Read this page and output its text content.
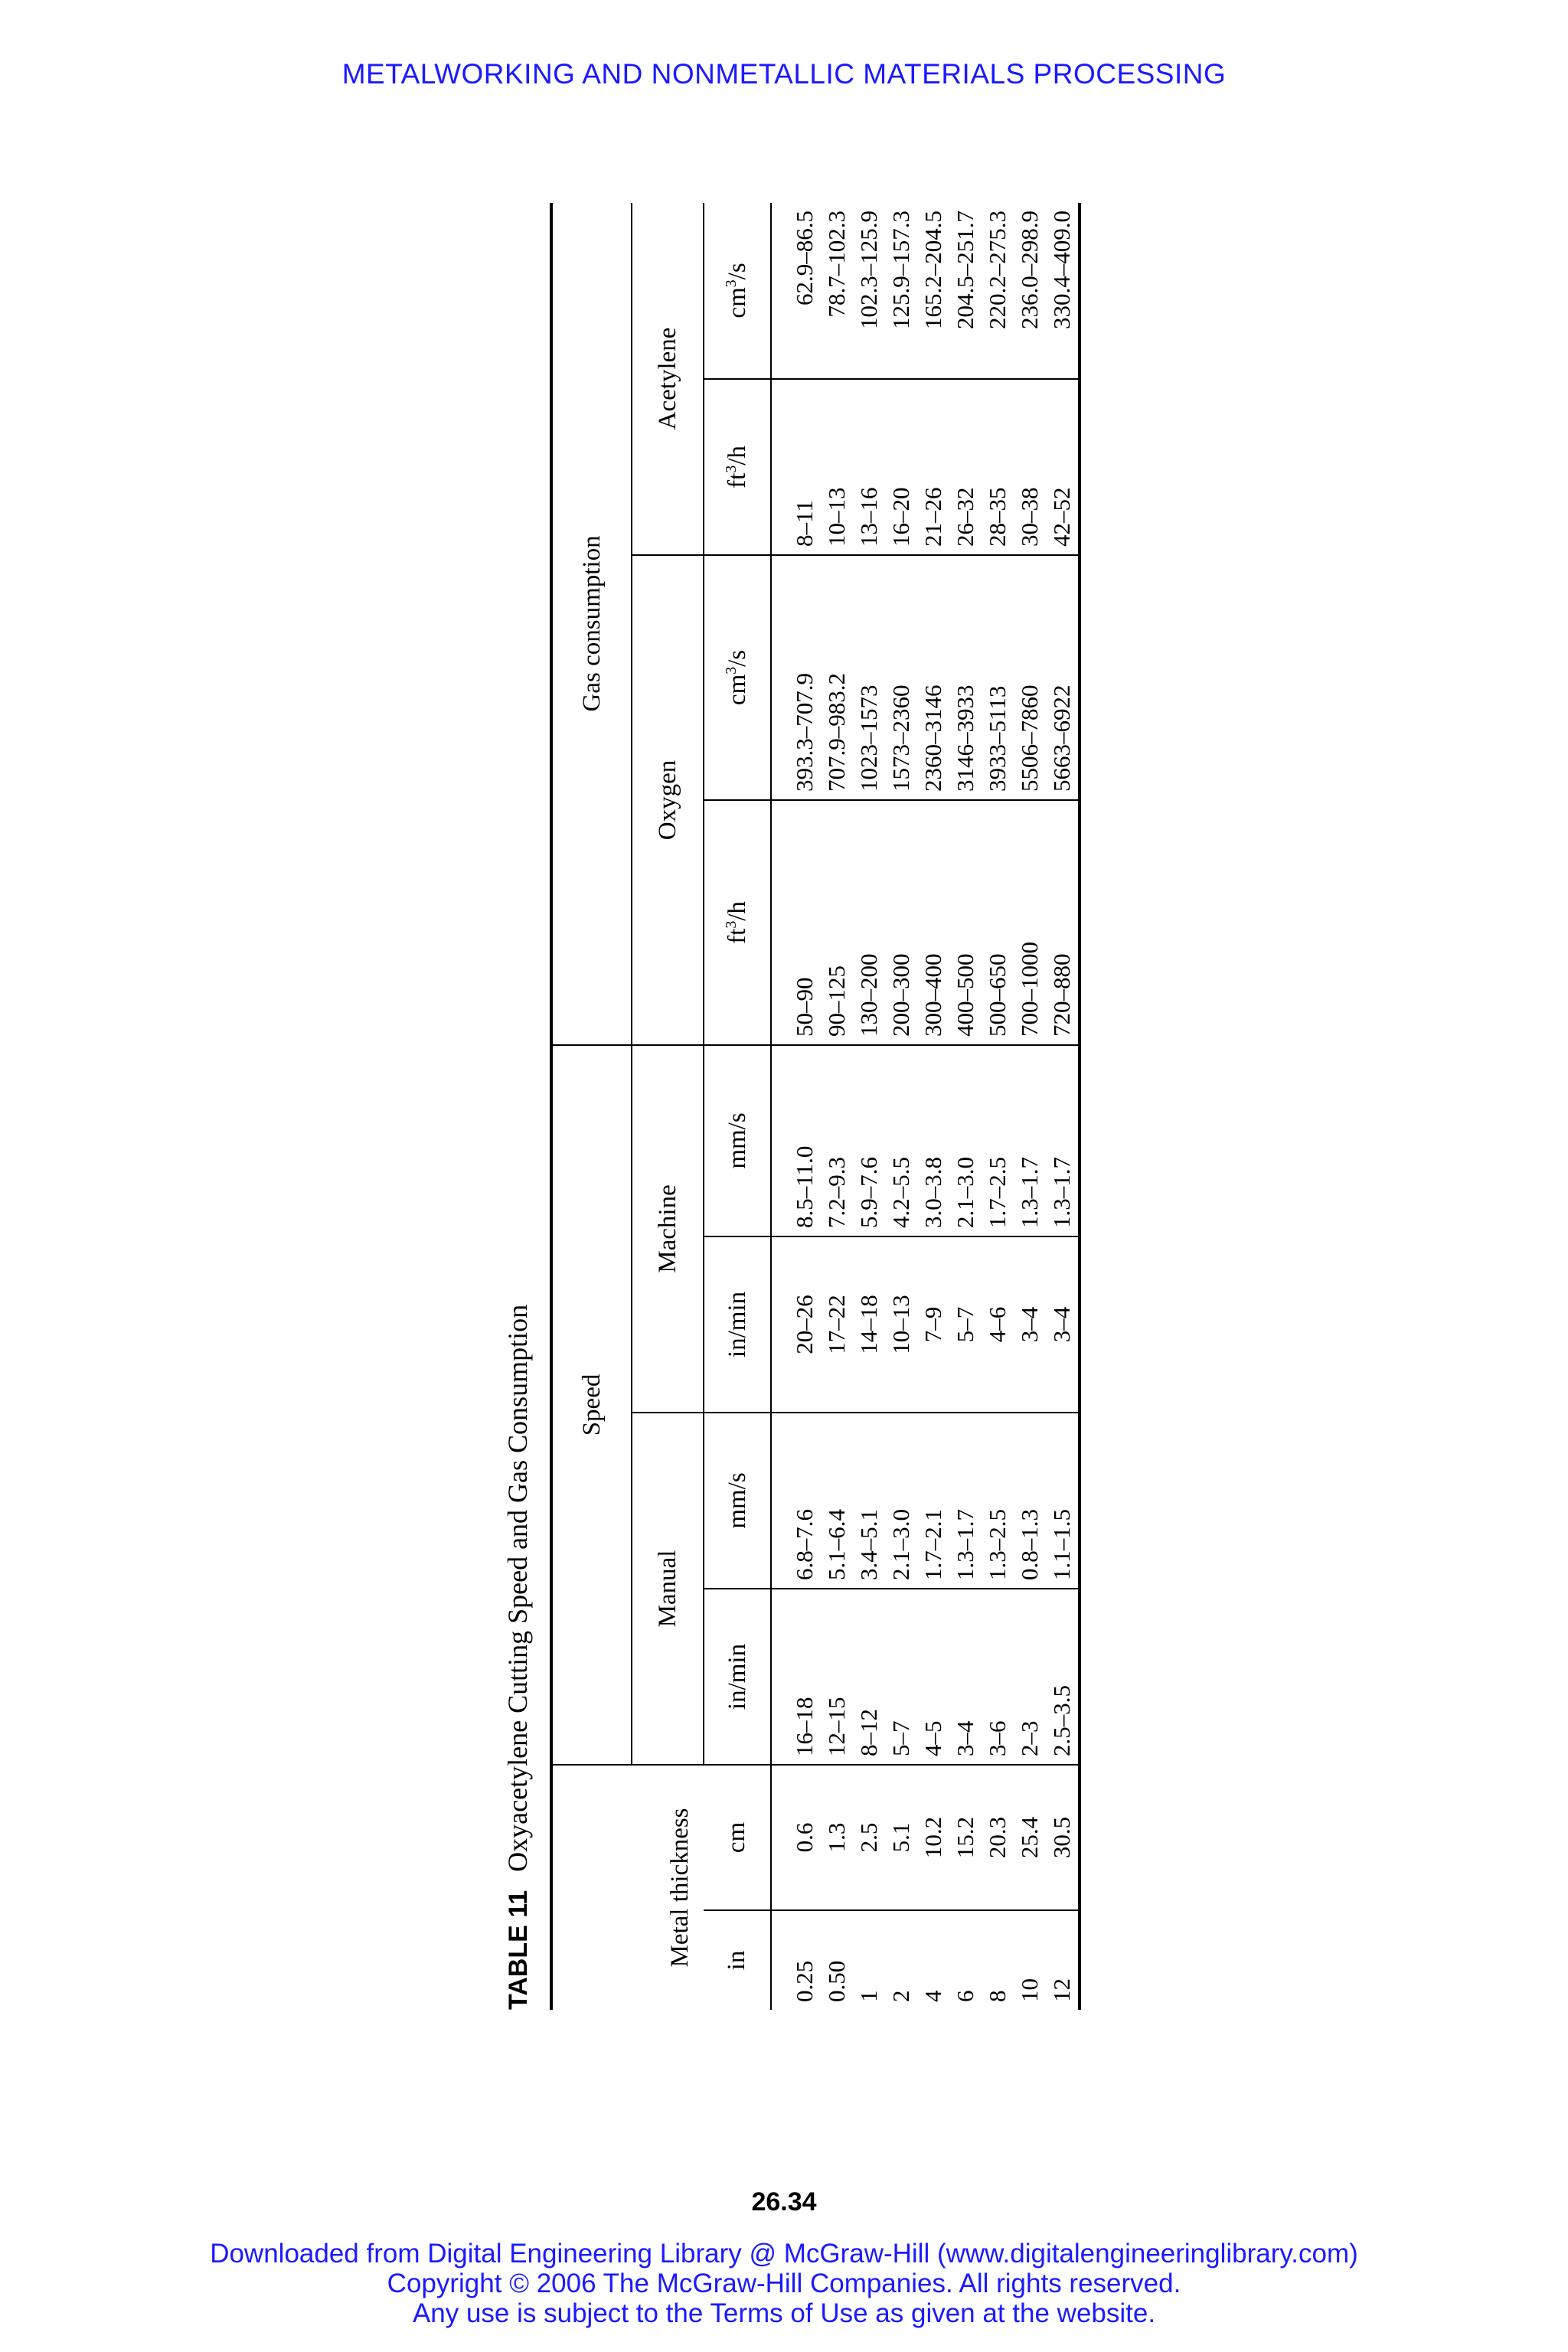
METALWORKING AND NONMETALLIC MATERIALS PROCESSING
TABLE 11Oxyacetylene Cutting Speed and Gas Consumption
Metal thickness		Speed				Gas consumption			
		Manual		Machine		Oxygen		Acetylene	
in	cm	in/min	mm/s	in/min	mm/s	$ft^3/h$	$cm^3/s$	$ft^3/h$	$cm^3/s$
0.25	0.6	16–18	6.8–7.6	20–26	8.5–11.0	50–90	393.3–707.9	8–11	62.9–86.5
0.50	1.3	12–15	5.1–6.4	17–22	7.2–9.3	90–125	707.9–983.2	10–13	78.7–102.3
1	2.5	8–12	3.4–5.1	14–18	5.9–7.6	130–200	1023–1573	13–16	102.3–125.9
2	5.1	5–7	2.1–3.0	10–13	4.2–5.5	200–300	1573–2360	16–20	125.9–157.3
4	10.2	4–5	1.7–2.1	7–9	3.0–3.8	300–400	2360–3146	21–26	165.2–204.5
6	15.2	3–4	1.3–1.7	5–7	2.1–3.0	400–500	3146–3933	26–32	204.5–251.7
8	20.3	3–6	1.3–2.5	4–6	1.7–2.5	500–650	3933–5113	28–35	220.2–275.3
10	25.4	2–3	0.8–1.3	3–4	1.3–1.7	700–1000	5506–7860	30–38	236.0–298.9
12	30.5	2.5–3.5	1.1–1.5	3–4	1.3–1.7	720–880	5663–6922	42–52	330.4–409.0
26.34
Downloaded from Digital Engineering Library @ McGraw-Hill (www.digitalengineeringlibrary.com)
Copyright © 2006 The McGraw-Hill Companies. All rights reserved.
Any use is subject to the Terms of Use as given at the website.
